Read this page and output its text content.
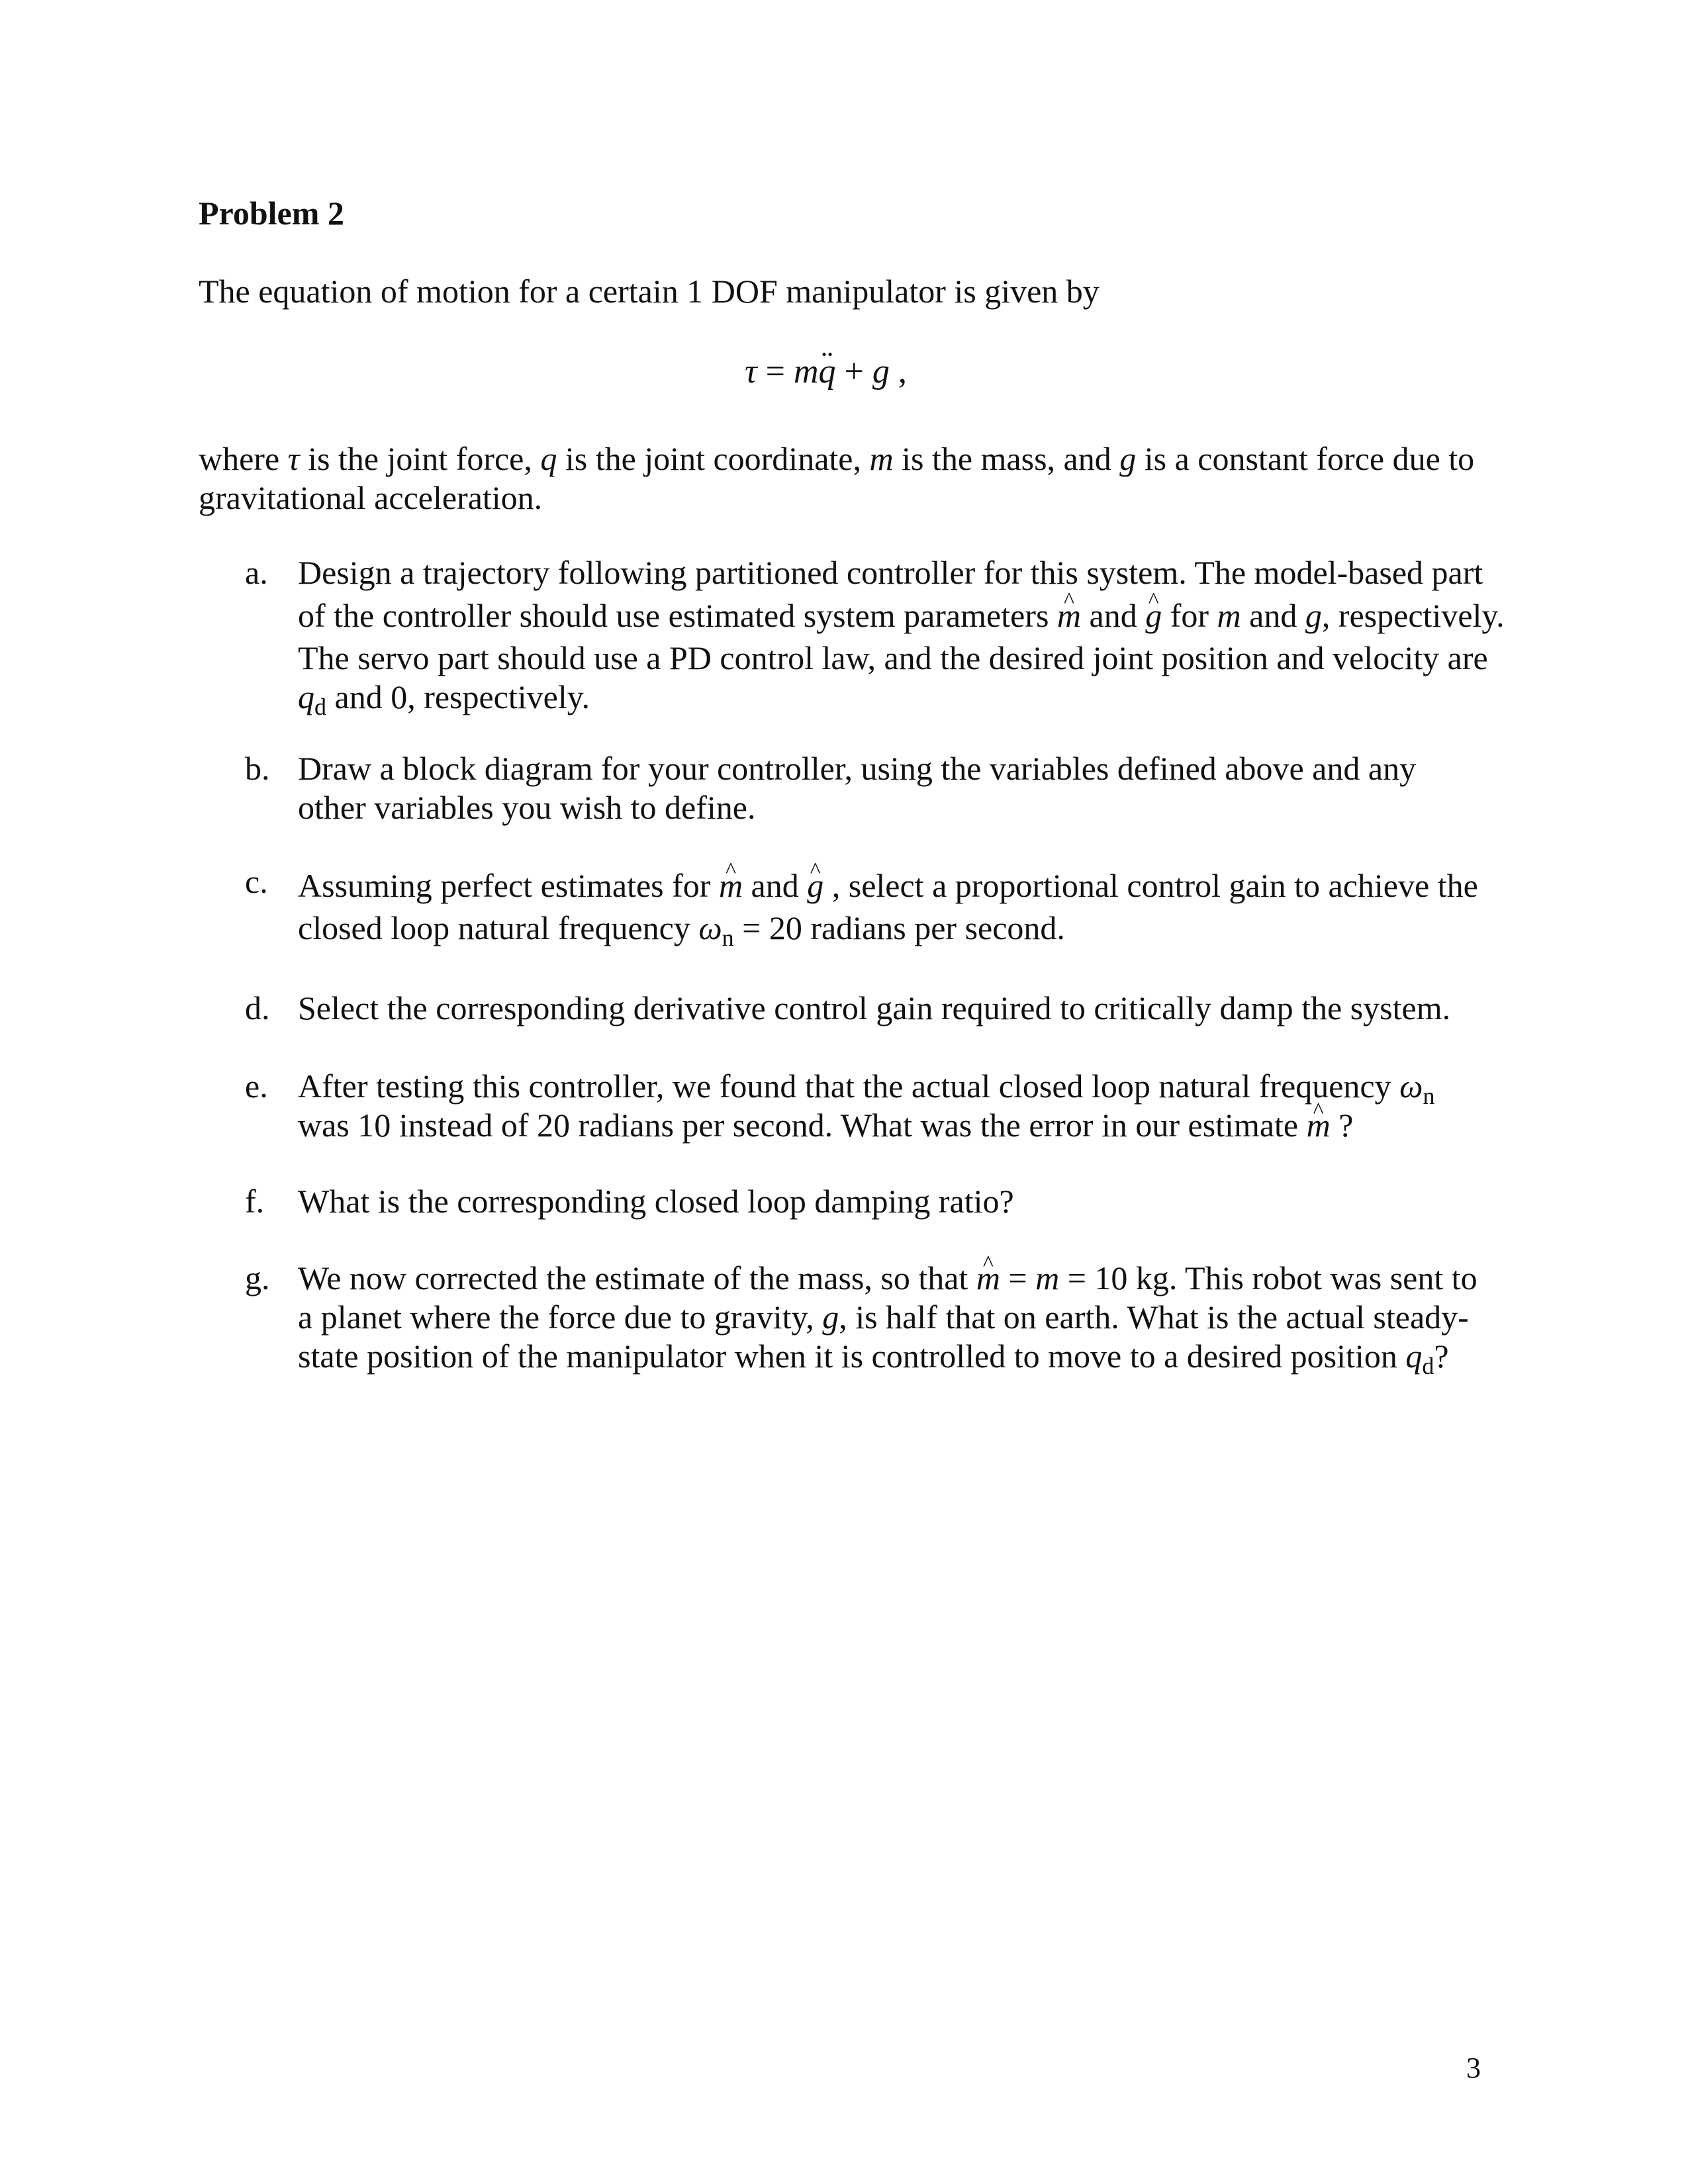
Problem 2
The equation of motion for a certain 1 DOF manipulator is given by
τ = m¨ q + g ,
where τ is the joint force, q is the joint coordinate, m is the mass, and g is a constant force due to
gravitational acceleration.
a. Design a trajectory following partitioned controller for this system. The model-based part
of the controller should use estimated system parameters ^ m and ^ g for m and g, respectively.
The servo part should use a PD control law, and the desired joint position and velocity are
$q_d$ and 0, respectively.
b. Draw a block diagram for your controller, using the variables defined above and any
other variables you wish to define.
c. Assuming perfect estimates for ^ m and ^ g , select a proportional control gain to achieve the
closed loop natural frequency $\omega_n = 20$ radians per second.
d. Select the corresponding derivative control gain required to critically damp the system.
e. After testing this controller, we found that the actual closed loop natural frequency $\omega_n$
was 10 instead of 20 radians per second. What was the error in our estimate ^ m ?
f.	What is the corresponding closed loop damping ratio?
g. We now corrected the estimate of the mass, so that ^ m = m = 10 kg. This robot was sent to
a planet where the force due to gravity, g, is half that on earth. What is the actual steady-
state position of the manipulator when it is controlled to move to a desired position $q_d$?
3
